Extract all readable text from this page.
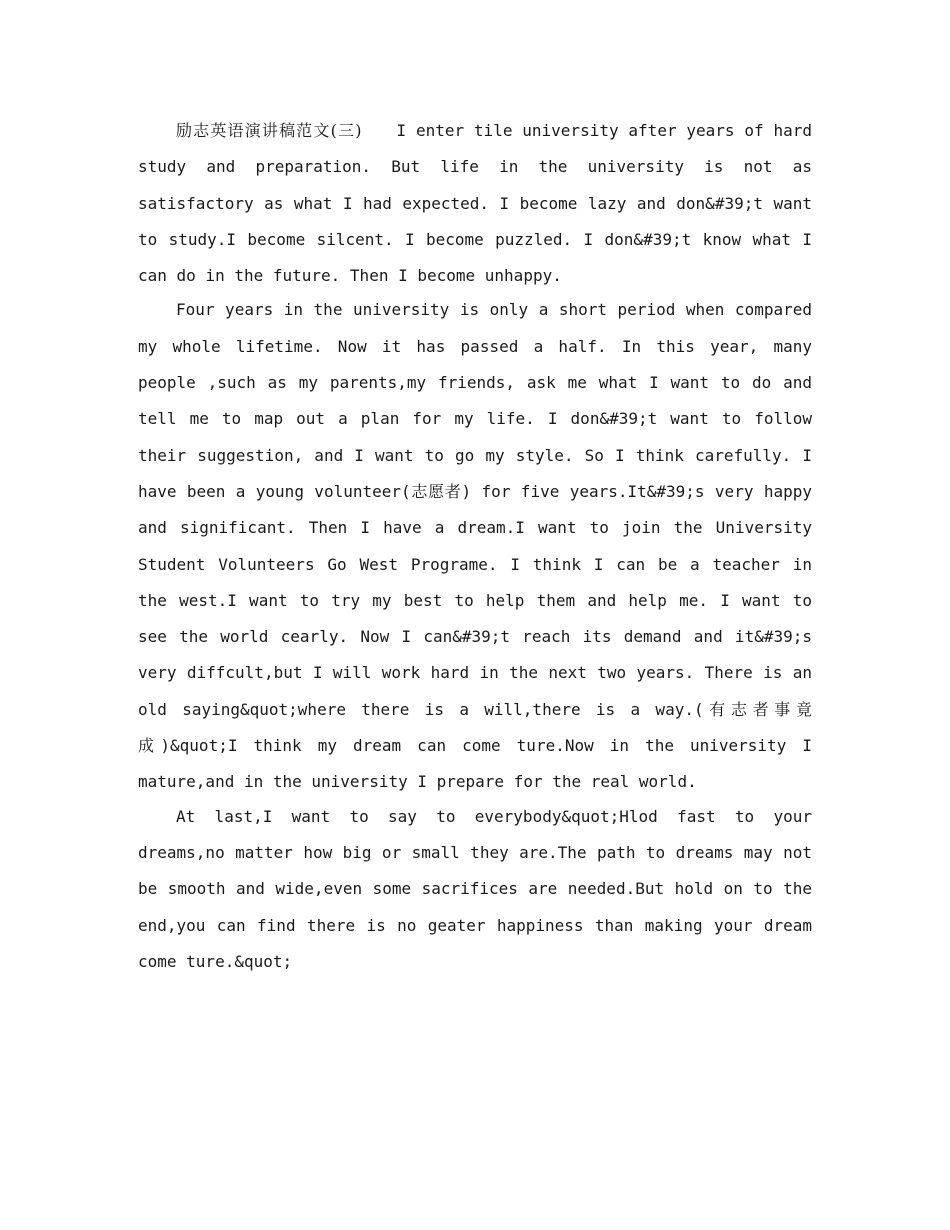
励志英语演讲稿范文(三) I enter tile university after years of hard study and preparation. But life in the university is not as satisfactory as what I had expected. I become lazy and don&#39;t want to study.I become silcent. I become puzzled. I don&#39;t know what I can do in the future. Then I become unhappy.

Four years in the university is only a short period when compared my whole lifetime. Now it has passed a half. In this year, many people ,such as my parents,my friends, ask me what I want to do and tell me to map out a plan for my life. I don&#39;t want to follow their suggestion, and I want to go my style. So I think carefully. I have been a young volunteer(志愿者) for five years.It&#39;s very happy and significant. Then I have a dream.I want to join the University Student Volunteers Go West Programe. I think I can be a teacher in the west.I want to try my best to help them and help me. I want to see the world cearly. Now I can&#39;t reach its demand and it&#39;s very diffcult,but I will work hard in the next two years. There is an old saying&quot;where there is a will,there is a way.(有志者事竟成)&quot;I think my dream can come ture.Now in the university I mature,and in the university I prepare for the real world.

At last,I want to say to everybody&quot;Hlod fast to your dreams,no matter how big or small they are.The path to dreams may not be smooth and wide,even some sacrifices are needed.But hold on to the end,you can find there is no geater happiness than making your dream come ture.&quot;
